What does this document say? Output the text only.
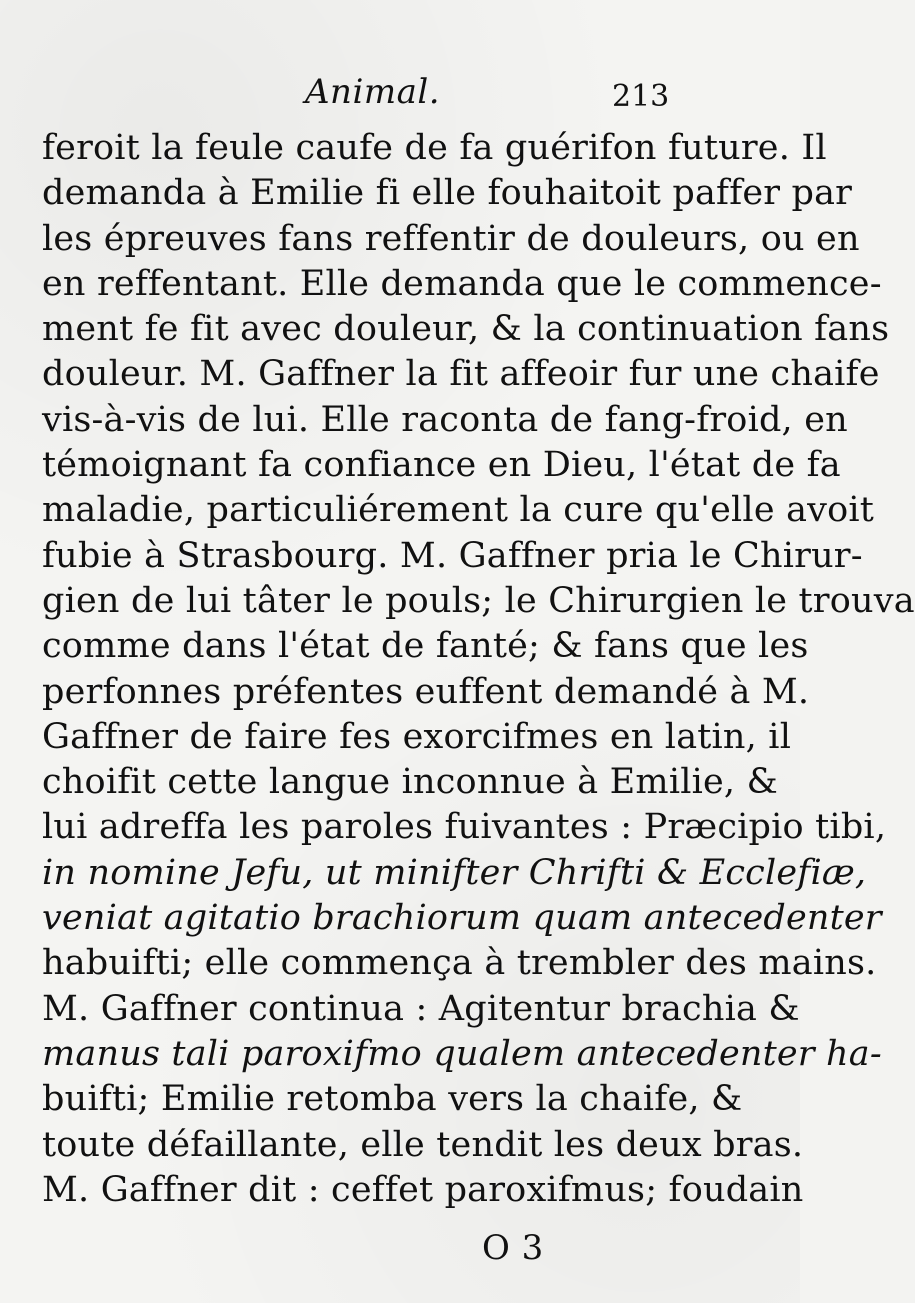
Animal.	213
feroit la feule caufe de fa guérifon future. Il
demanda à Emilie fi elle fouhaitoit paffer par
les épreuves fans reffentir de douleurs, ou en
en reffentant. Elle demanda que le commence-
ment fe fit avec douleur, & la continuation fans
douleur. M. Gaffner la fit affeoir fur une chaife
vis-à-vis de lui. Elle raconta de fang-froid, en
témoignant fa confiance en Dieu, l'état de fa
maladie, particuliérement la cure qu'elle avoit
fubie à Strasbourg. M. Gaffner pria le Chirur-
gien de lui tâter le pouls; le Chirurgien le trouva
comme dans l'état de fanté; & fans que les
perfonnes préfentes euffent demandé à M.
Gaffner de faire fes exorcifmes en latin, il
choifit cette langue inconnue à Emilie, &
lui adreffa les paroles fuivantes : Præcipio tibi,
in nomine Jefu, ut minifter Chrifti & Ecclefiæ,
veniat agitatio brachiorum quam antecedenter
habuifti; elle commença à trembler des mains.
M. Gaffner continua : Agitentur brachia &
manus tali paroxifmo qualem antecedenter ha-
buifti; Emilie retomba vers la chaife, &
toute défaillante, elle tendit les deux bras.
M. Gaffner dit : ceffet paroxifmus; foudain
O 3
